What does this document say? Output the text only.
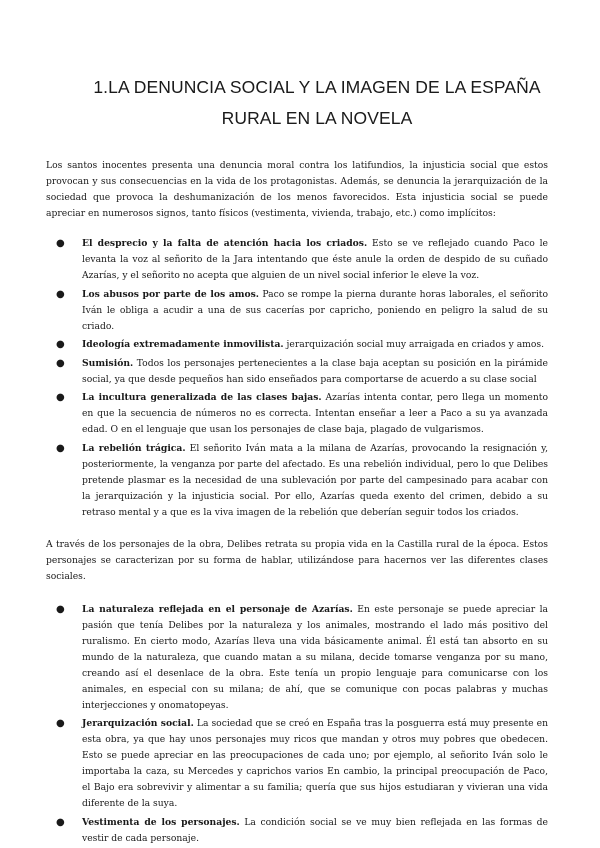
1.LA DENUNCIA SOCIAL Y LA IMAGEN DE LA ESPAÑA
RURAL EN LA NOVELA

Los santos inocentes presenta una denuncia moral contra los latifundios, la injusticia social que estos provocan y sus consecuencias en la vida de los protagonistas. Además, se denuncia la jerarquización de la sociedad que provoca la deshumanización de los menos favorecidos. Esta injusticia social se puede apreciar en numerosos signos, tanto físicos (vestimenta, vivienda, trabajo, etc.) como implícitos:

● El desprecio y la falta de atención hacia los criados. Esto se ve reflejado cuando Paco le levanta la voz al señorito de la Jara intentando que éste anule la orden de despido de su cuñado Azarías, y el señorito no acepta que alguien de un nivel social inferior le eleve la voz.
● Los abusos por parte de los amos. Paco se rompe la pierna durante horas laborales, el señorito Iván le obliga a acudir a una de sus cacerías por capricho, poniendo en peligro la salud de su criado.
● Ideología extremadamente inmovilista. jerarquización social muy arraigada en criados y amos.
● Sumisión. Todos los personajes pertenecientes a la clase baja aceptan su posición en la pirámide social, ya que desde pequeños han sido enseñados para comportarse de acuerdo a su clase social
● La incultura generalizada de las clases bajas. Azarías intenta contar, pero llega un momento en que la secuencia de números no es correcta. Intentan enseñar a leer a Paco a su ya avanzada edad. O en el lenguaje que usan los personajes de clase baja, plagado de vulgarismos.
● La rebelión trágica. El señorito Iván mata a la milana de Azarías, provocando la resignación y, posteriormente, la venganza por parte del afectado. Es una rebelión individual, pero lo que Delibes pretende plasmar es la necesidad de una sublevación por parte del campesinado para acabar con la jerarquización y la injusticia social. Por ello, Azarías queda exento del crimen, debido a su retraso mental y a que es la viva imagen de la rebelión que deberían seguir todos los criados.

A través de los personajes de la obra, Delibes retrata su propia vida en la Castilla rural de la época. Estos personajes se caracterizan por su forma de hablar, utilizándose para hacernos ver las diferentes clases sociales.

● La naturaleza reflejada en el personaje de Azarías. En este personaje se puede apreciar la pasión que tenía Delibes por la naturaleza y los animales, mostrando el lado más positivo del ruralismo. En cierto modo, Azarías lleva una vida básicamente animal. Él está tan absorto en su mundo de la naturaleza, que cuando matan a su milana, decide tomarse venganza por su mano, creando así el desenlace de la obra. Este tenía un propio lenguaje para comunicarse con los animales, en especial con su milana; de ahí, que se comunique con pocas palabras y muchas interjecciones y onomatopeyas.
● Jerarquización social. La sociedad que se creó en España tras la posguerra está muy presente en esta obra, ya que hay unos personajes muy ricos que mandan y otros muy pobres que obedecen. Esto se puede apreciar en las preocupaciones de cada uno; por ejemplo, al señorito Iván solo le importaba la caza, su Mercedes y caprichos varios En cambio, la principal preocupación de Paco, el Bajo era sobrevivir y alimentar a su familia; quería que sus hijos estudiaran y vivieran una vida diferente de la suya.
● Vestimenta de los personajes. La condición social se ve muy bien reflejada en las formas de vestir de cada personaje.
